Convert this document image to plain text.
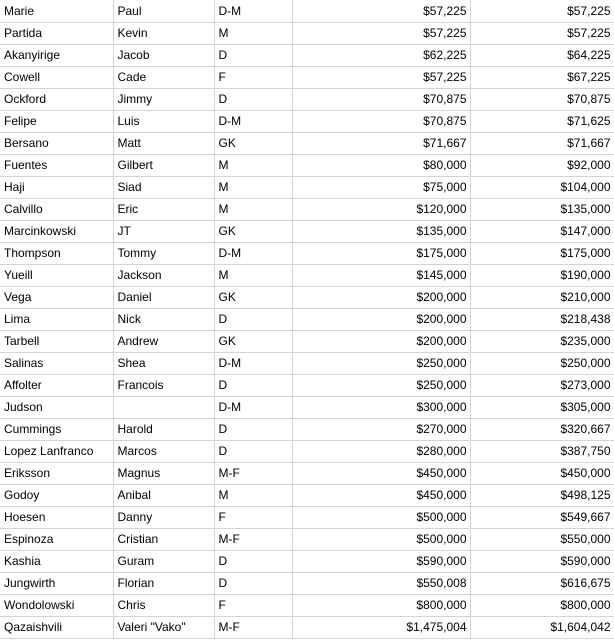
Marie	Paul	D-M	$57,225	$57,225
Partida	Kevin	M	$57,225	$57,225
Akanyirige	Jacob	D	$62,225	$64,225
Cowell	Cade	F	$57,225	$67,225
Ockford	Jimmy	D	$70,875	$70,875
Felipe	Luis	D-M	$70,875	$71,625
Bersano	Matt	GK	$71,667	$71,667
Fuentes	Gilbert	M	$80,000	$92,000
Haji	Siad	M	$75,000	$104,000
Calvillo	Eric	M	$120,000	$135,000
Marcinkowski	JT	GK	$135,000	$147,000
Thompson	Tommy	D-M	$175,000	$175,000
Yueill	Jackson	M	$145,000	$190,000
Vega	Daniel	GK	$200,000	$210,000
Lima	Nick	D	$200,000	$218,438
Tarbell	Andrew	GK	$200,000	$235,000
Salinas	Shea	D-M	$250,000	$250,000
Affolter	Francois	D	$250,000	$273,000
Judson		D-M	$300,000	$305,000
Cummings	Harold	D	$270,000	$320,667
Lopez Lanfranco	Marcos	D	$280,000	$387,750
Eriksson	Magnus	M-F	$450,000	$450,000
Godoy	Anibal	M	$450,000	$498,125
Hoesen	Danny	F	$500,000	$549,667
Espinoza	Cristian	M-F	$500,000	$550,000
Kashia	Guram	D	$590,000	$590,000
Jungwirth	Florian	D	$550,008	$616,675
Wondolowski	Chris	F	$800,000	$800,000
Qazaishvili	Valeri "Vako"	M-F	$1,475,004	$1,604,042
